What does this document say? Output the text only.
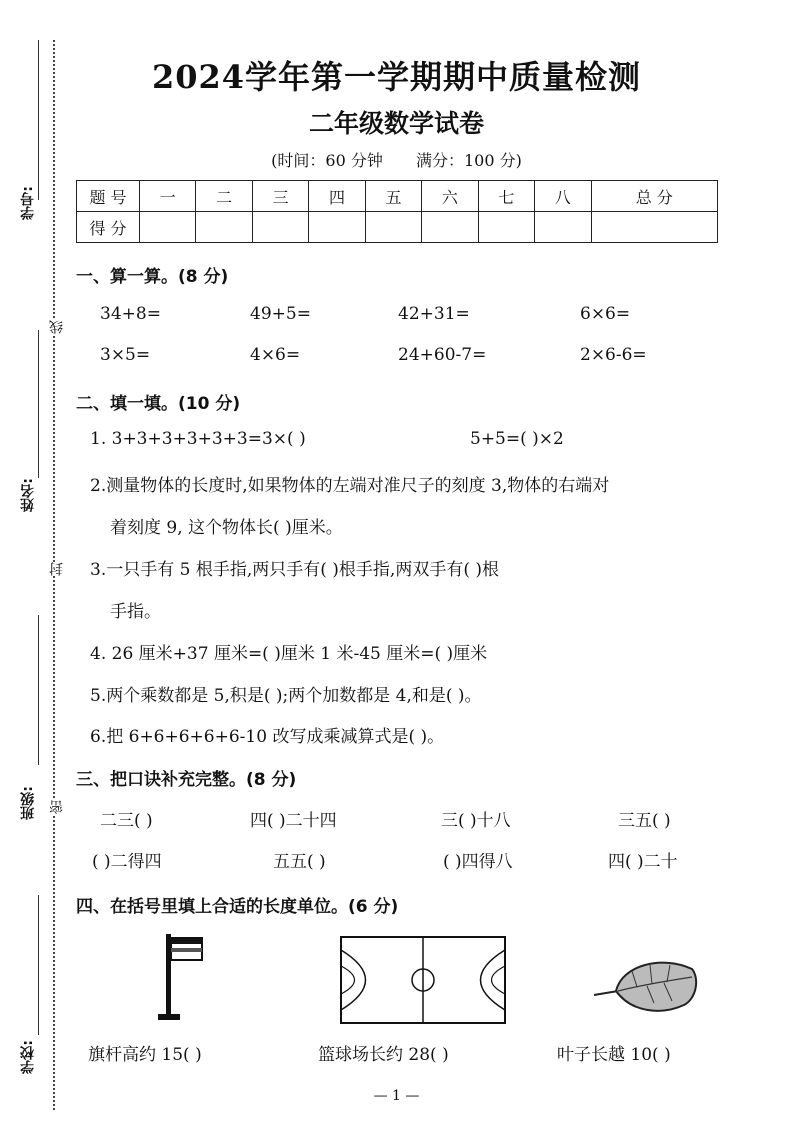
学号:
姓名:
班级:
学校:
线
封
密
2024学年第一学期期中质量检测
二年级数学试卷
(时间：60 分钟 满分：100 分)
题 号	一	二	三	四	五	六	七	八	总 分
得 分									
一、算一算。(8 分)
34+8=	49+5=	42+31=	6×6=
3×5=	4×6=	24+60-7=	2×6-6=
二、填一填。(10 分)
1. 3+3+3+3+3+3=3×( )	5+5=( )×2
2.测量物体的长度时,如果物体的左端对准尺子的刻度 3,物体的右端对
着刻度 9, 这个物体长( )厘米。
3.一只手有 5 根手指,两只手有( )根手指,两双手有( )根
手指。
4. 26 厘米+37 厘米=( )厘米 1 米-45 厘米=( )厘米
5.两个乘数都是 5,积是( );两个加数都是 4,和是( )。
6.把 6+6+6+6+6-10 改写成乘减算式是( )。
三、把口诀补充完整。(8 分)
二三( )	四( )二十四	三( )十八	三五( )
( )二得四	五五( )	( )四得八	四( )二十
四、在括号里填上合适的长度单位。(6 分)
旗杆高约 15( )	篮球场长约 28( )	叶子长越 10( )
— 1 —
